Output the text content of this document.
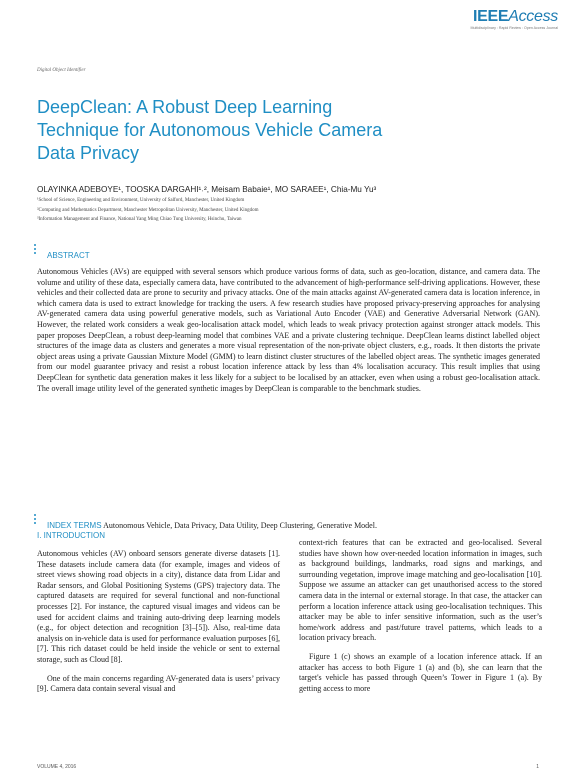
IEEEAccess
Multidisciplinary : Rapid Review : Open Access Journal
Digital Object Identifier
DeepClean: A Robust Deep Learning Technique for Autonomous Vehicle Camera Data Privacy
OLAYINKA ADEBOYE¹, TOOSKA DARGAHI¹˒², Meisam Babaie¹, MO SARAEE¹, Chia-Mu Yu³
¹School of Science, Engineering and Environment, University of Salford, Manchester, United Kingdom
²Computing and Mathematics Department, Manchester Metropolitan University, Manchester, United Kingdom
³Information Management and Finance, National Yang Ming Chiao Tung University, Hsinchu, Taiwan
ABSTRACT
Autonomous Vehicles (AVs) are equipped with several sensors which produce various forms of data, such as geo-location, distance, and camera data. The volume and utility of these data, especially camera data, have contributed to the advancement of high-performance self-driving applications. However, these vehicles and their collected data are prone to security and privacy attacks. One of the main attacks against AV-generated camera data is location inference, in which camera data is used to extract knowledge for tracking the users. A few research studies have proposed privacy-preserving approaches for analysing AV-generated camera data using powerful generative models, such as Variational Auto Encoder (VAE) and Generative Adversarial Network (GAN). However, the related work considers a weak geo-localisation attack model, which leads to weak privacy protection against stronger attack models. This paper proposes DeepClean, a robust deep-learning model that combines VAE and a private clustering technique. DeepClean learns distinct labelled object structures of the image data as clusters and generates a more visual representation of the non-private object clusters, e.g., roads. It then distorts the private object areas using a private Gaussian Mixture Model (GMM) to learn distinct cluster structures of the labelled object areas. The synthetic images generated from our model guarantee privacy and resist a robust location inference attack by less than 4% localisation accuracy. This result implies that using DeepClean for synthetic data generation makes it less likely for a subject to be localised by an attacker, even when using a robust geo-localisation attack. The overall image utility level of the generated synthetic images by DeepClean is comparable to the benchmark studies.
INDEX TERMS Autonomous Vehicle, Data Privacy, Data Utility, Deep Clustering, Generative Model.
I. INTRODUCTION

Autonomous vehicles (AV) onboard sensors generate diverse datasets [1]. These datasets include camera data (for example, images and videos of street views showing road objects in a city), distance data from Lidar and Radar sensors, and Global Positioning Systems (GPS) trajectory data. The captured datasets are required for several functional and non-functional processes [2]. For instance, the captured visual images and videos can be used for accident claims and training auto-driving deep learning models (e.g., for object detection and recognition [3]–[5]). Also, real-time data analysis on in-vehicle data is used for performance evaluation purposes [6], [7]. This rich dataset could be held inside the vehicle or sent to external storage, such as Cloud [8].

One of the main concerns regarding AV-generated data is users’ privacy [9]. Camera data contain several visual and

context-rich features that can be extracted and geo-localised. Several studies have shown how over-needed location information in images, such as background buildings, landmarks, road signs and markings, and surrounding vegetation, improve image matching and geo-localisation [10]. Suppose we assume an attacker can get unauthorised access to the stored camera data in the internal or external storage. In that case, the attacker can perform a location inference attack using geo-localisation techniques. This attacker may be able to infer sensitive information, such as the user’s home/work address and past/future travel patterns, which leads to a location privacy breach.

Figure 1 (c) shows an example of a location inference attack. If an attacker has access to both Figure 1 (a) and (b), she can learn that the target's vehicle has passed through Queen’s Tower in Figure 1 (a). By getting access to more

VOLUME 4, 2016	1
